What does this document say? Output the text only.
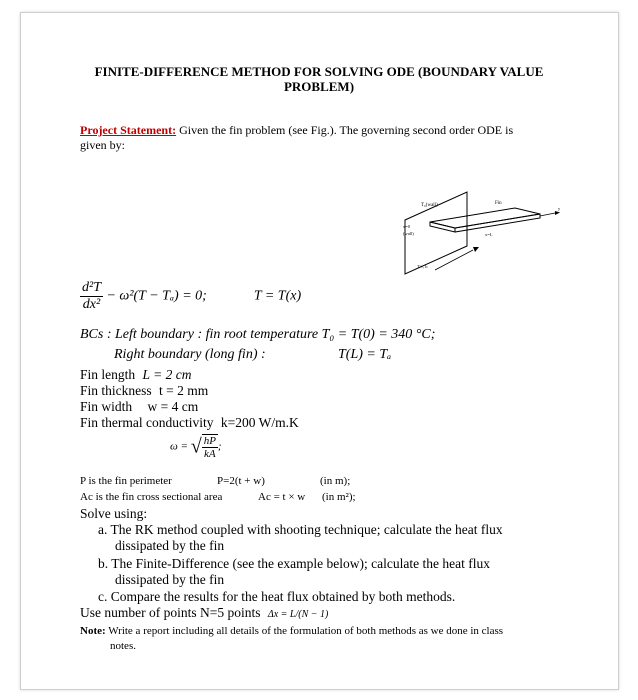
FINITE-DIFFERENCE METHOD FOR SOLVING ODE (BOUNDARY VALUE
PROBLEM)
Project Statement: Given the fin problem (see Fig.). The governing second order ODE is
given by:
T₀(wall)	Fin
x=0
(wall)	x=L
T∞, h
y
$\frac{\text{d²T}}{\text{dx²}} - \omega^2(T - T_a) = 0$;	T = T(x)
BCs : Left boundary : fin root temperature T₀ = T(0) = 340 °C;
Right boundary (long fin) :	T(L) = Tₐ
Fin length L = 2 cm
Fin thickness t = 2 mm
Fin width w = 4 cm
Fin thermal conductivity k=200 W/m.K
ω = √ $\frac{hP}{kA}$ ;
P is the fin perimeter	P=2(t + w)	(in m);
Ac is the fin cross sectional area	Ac = t × w (in m²);
Solve using:
a. The RK method coupled with shooting technique; calculate the heat flux
dissipated by the fin
b. The Finite-Difference (see the example below); calculate the heat flux
dissipated by the fin
c. Compare the results for the heat flux obtained by both methods.
Use number of points N=5 points Δx = L/(N − 1)
Note: Write a report including all details of the formulation of both methods as we done in class
notes.
